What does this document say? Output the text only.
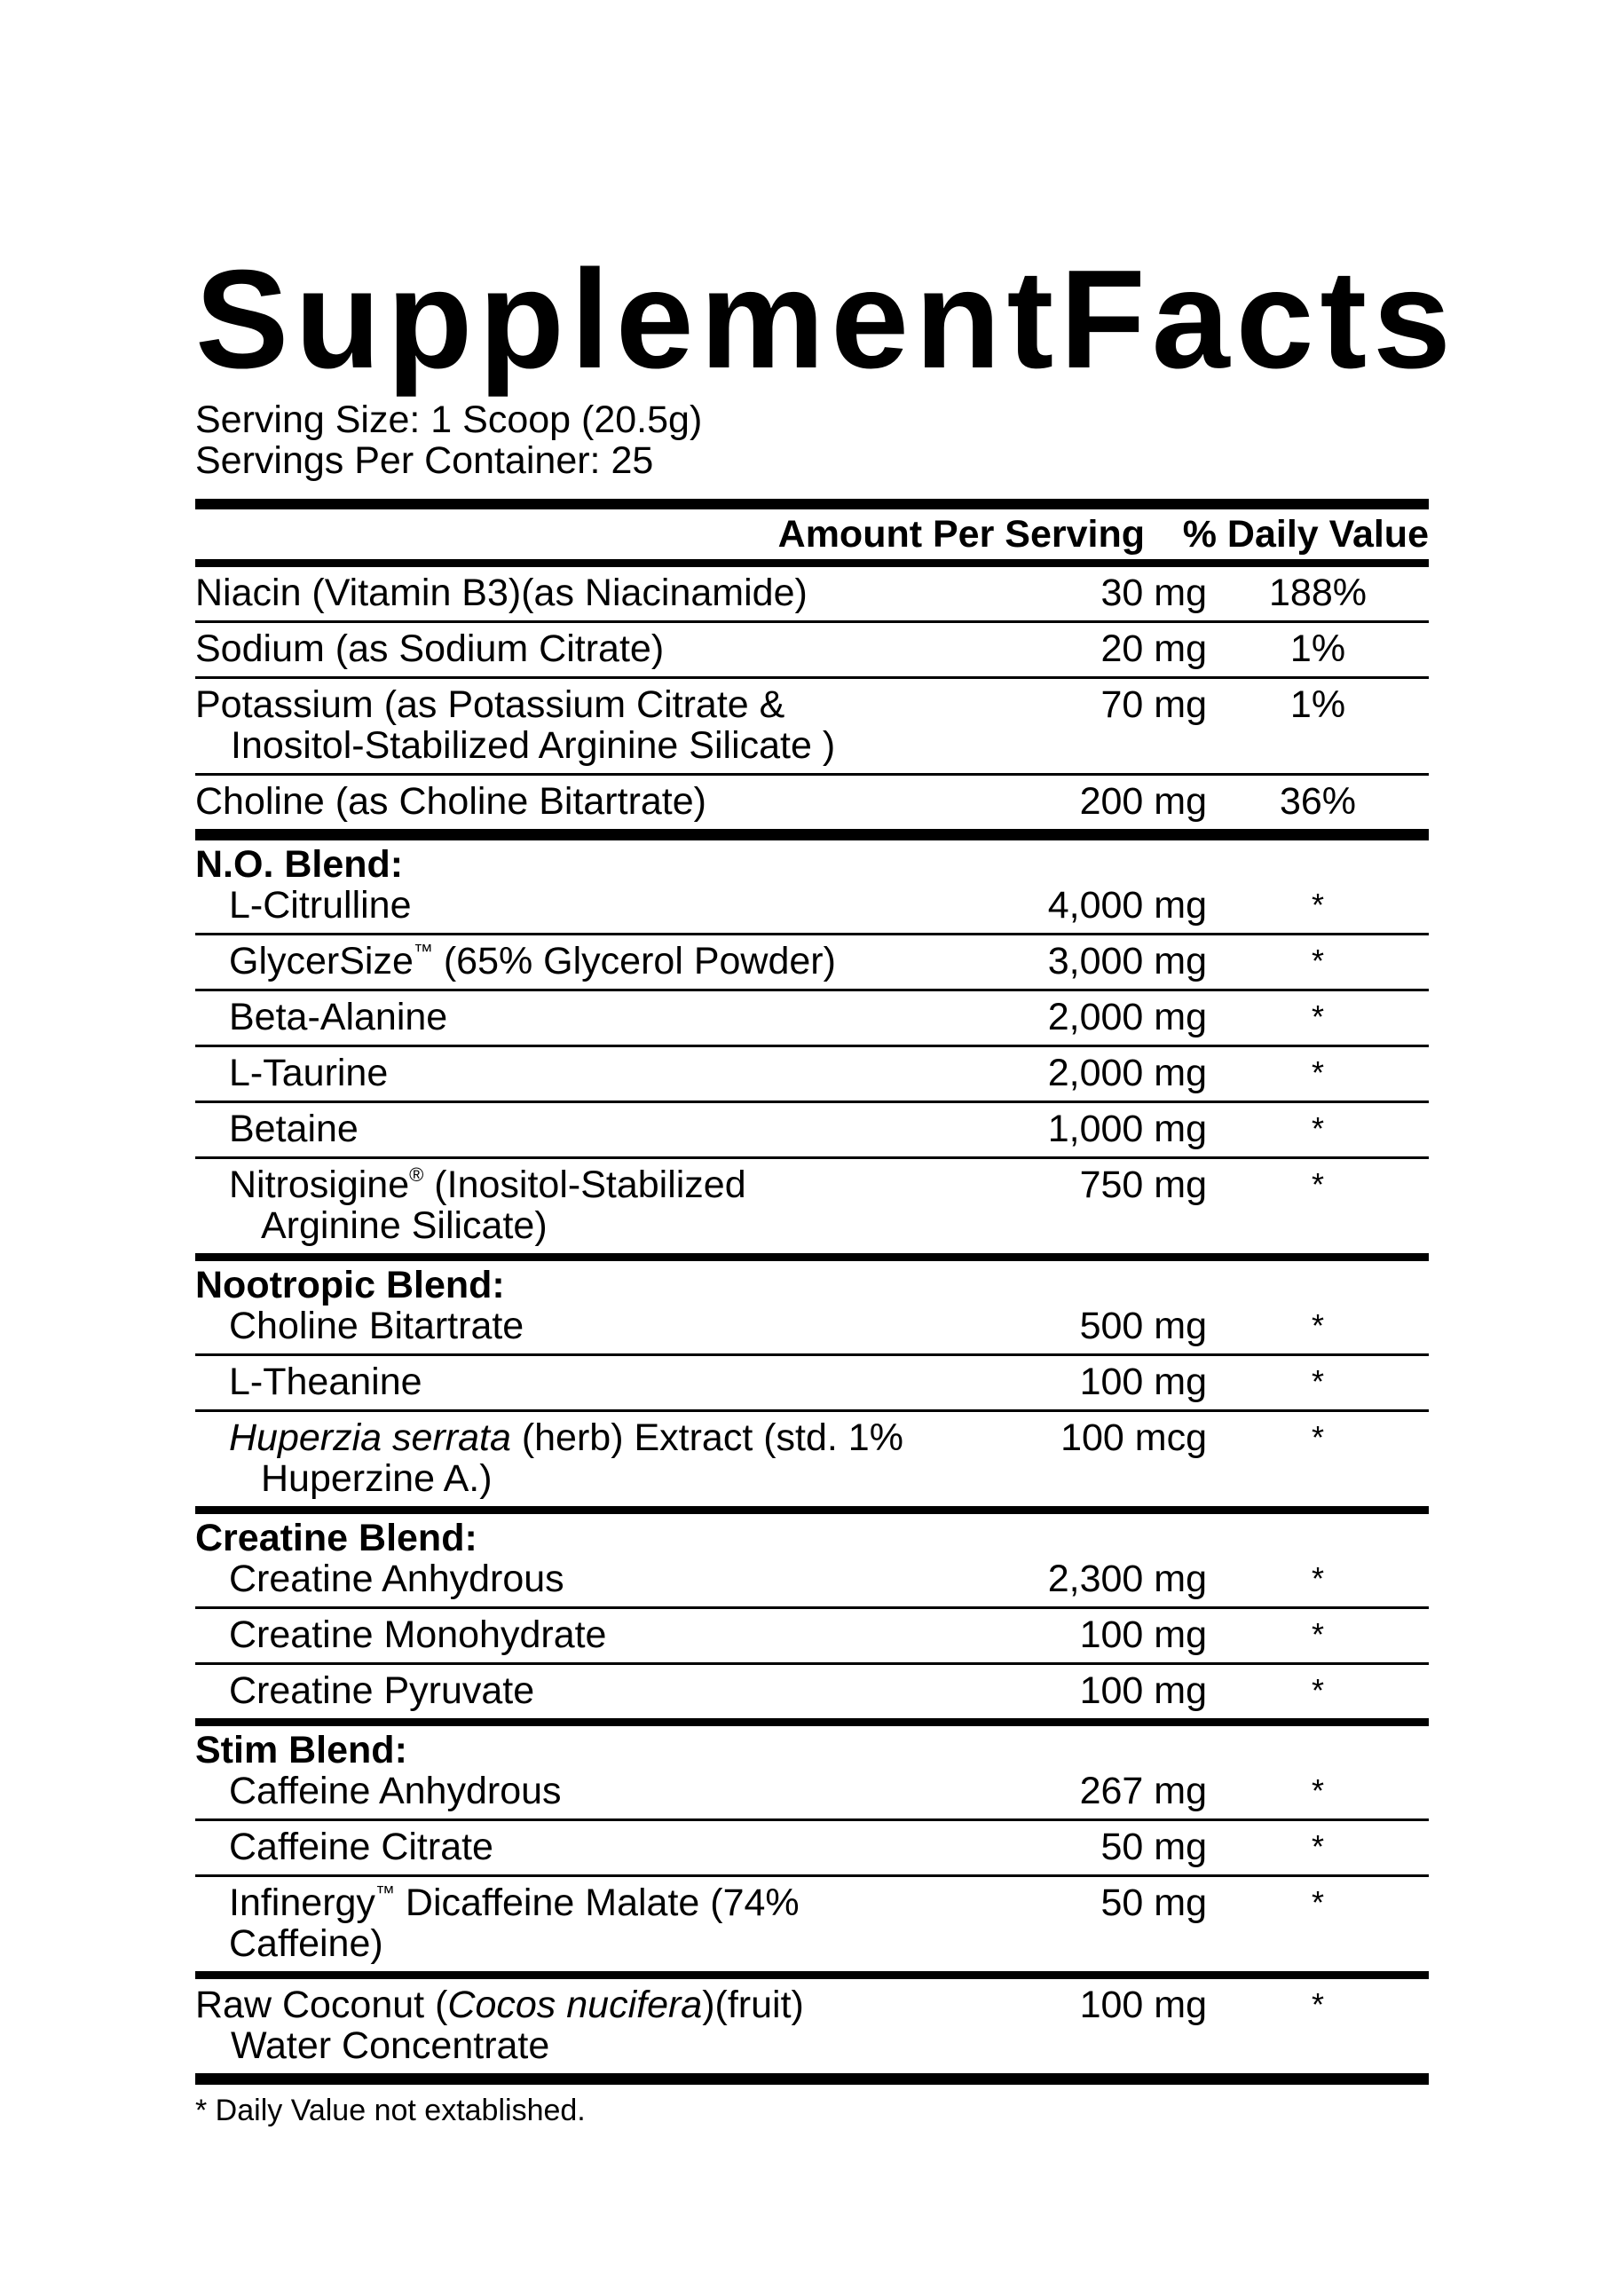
Supplement Facts
Serving Size: 1 Scoop (20.5g)
Servings Per Container: 25
Amount Per Serving % Daily Value
Niacin (Vitamin B3)(as Niacinamide)	30 mg	188%
Sodium (as Sodium Citrate)	20 mg	1%
Potassium (as Potassium Citrate &
Inositol-Stabilized Arginine Silicate )
70 mg	1%
Choline (as Choline Bitartrate)	200 mg	36%
N.O. Blend:
L-Citrulline	4,000 mg	*
GlycerSize™ (65% Glycerol Powder)	3,000 mg	*
Beta-Alanine	2,000 mg	*
L-Taurine	2,000 mg	*
Betaine	1,000 mg	*
Nitrosigine® (Inositol-Stabilized
Arginine Silicate)
750 mg	*
Nootropic Blend:
Choline Bitartrate	500 mg	*
L-Theanine	100 mg	*
Huperzia serrata (herb) Extract (std. 1%
Huperzine A.)
100 mcg	*
Creatine Blend:
Creatine Anhydrous	2,300 mg	*
Creatine Monohydrate	100 mg	*
Creatine Pyruvate	100 mg	*
Stim Blend:
Caffeine Anhydrous	267 mg	*
Caffeine Citrate	50 mg	*
Infinergy™ Dicaffeine Malate (74% Caffeine)
50 mg	*
Raw Coconut (Cocos nucifera)(fruit)
Water Concentrate
100 mg	*
* Daily Value not extablished.
